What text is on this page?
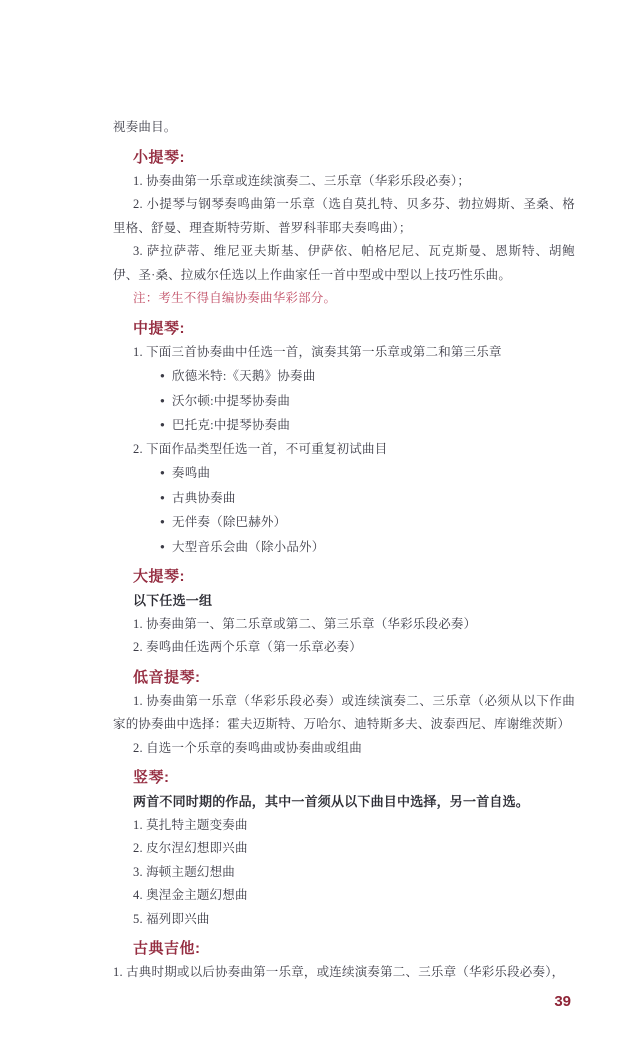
视奏曲目。

小提琴:

1. 协奏曲第一乐章或连续演奏二、三乐章（华彩乐段必奏）；

2. 小提琴与钢琴奏鸣曲第一乐章（选自莫扎特、贝多芬、勃拉姆斯、圣桑、格里格、舒曼、理查斯特劳斯、普罗科菲耶夫奏鸣曲）；

3. 萨拉萨蒂、维尼亚夫斯基、伊萨依、帕格尼尼、瓦克斯曼、恩斯特、胡鲍伊、圣·桑、拉威尔任选以上作曲家任一首中型或中型以上技巧性乐曲。

注：考生不得自编协奏曲华彩部分。

中提琴:

1. 下面三首协奏曲中任选一首，演奏其第一乐章或第二和第三乐章

● 欣德米特:《天鹅》协奏曲

● 沃尔顿:中提琴协奏曲

● 巴托克:中提琴协奏曲

2. 下面作品类型任选一首，不可重复初试曲目

● 奏鸣曲

● 古典协奏曲

● 无伴奏（除巴赫外）

● 大型音乐会曲（除小品外）

大提琴:

以下任选一组

1. 协奏曲第一、第二乐章或第二、第三乐章（华彩乐段必奏）

2. 奏鸣曲任选两个乐章（第一乐章必奏）

低音提琴:

1. 协奏曲第一乐章（华彩乐段必奏）或连续演奏二、三乐章（必须从以下作曲家的协奏曲中选择：霍夫迈斯特、万哈尔、迪特斯多夫、波泰西尼、库谢维茨斯）

2. 自选一个乐章的奏鸣曲或协奏曲或组曲

竖琴:

两首不同时期的作品，其中一首须从以下曲目中选择，另一首自选。

1. 莫扎特主题变奏曲

2. 皮尔涅幻想即兴曲

3. 海顿主题幻想曲

4. 奥涅金主题幻想曲

5. 福列即兴曲

古典吉他:

1. 古典时期或以后协奏曲第一乐章，或连续演奏第二、三乐章（华彩乐段必奏），

39
